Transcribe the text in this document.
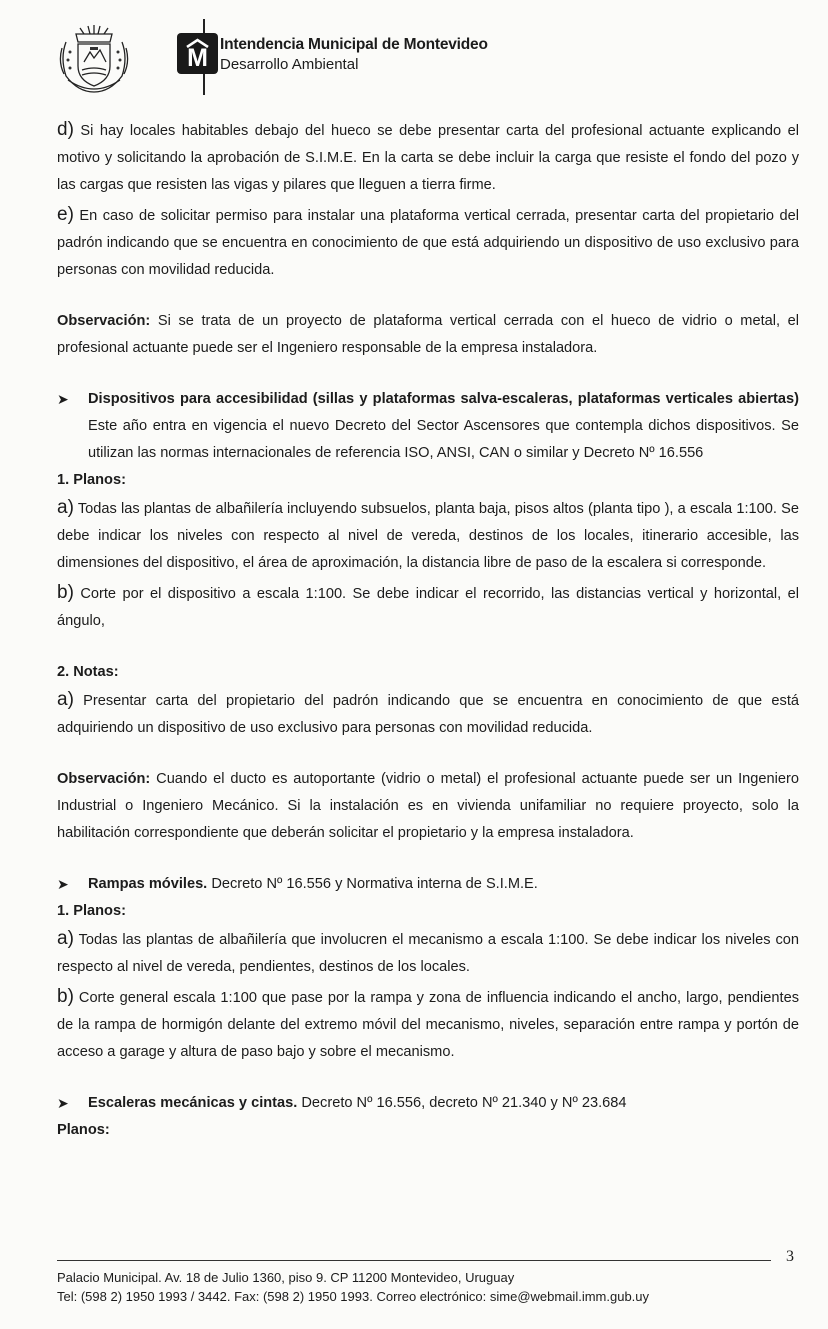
M Intendencia Municipal de Montevideo
Desarrollo Ambiental

d) Si hay locales habitables debajo del hueco se debe presentar carta del profesional actuante explicando el motivo y solicitando la aprobación de S.I.M.E. En la carta se debe incluir la carga que resiste el fondo del pozo y las cargas que resisten las vigas y pilares que lleguen a tierra firme.

e) En caso de solicitar permiso para instalar una plataforma vertical cerrada, presentar carta del propietario del padrón indicando que se encuentra en conocimiento de que está adquiriendo un dispositivo de uso exclusivo para personas con movilidad reducida.

Observación: Si se trata de un proyecto de plataforma vertical cerrada con el hueco de vidrio o metal, el profesional actuante puede ser el Ingeniero responsable de la empresa instaladora.

➤ Dispositivos para accesibilidad (sillas y plataformas salva-escaleras, plataformas verticales abiertas) Este año entra en vigencia el nuevo Decreto del Sector Ascensores que contempla dichos dispositivos. Se utilizan las normas internacionales de referencia ISO, ANSI, CAN o similar y Decreto Nº 16.556
1. Planos:

a) Todas las plantas de albañilería incluyendo subsuelos, planta baja, pisos altos (planta tipo ), a escala 1:100. Se debe indicar los niveles con respecto al nivel de vereda, destinos de los locales, itinerario accesible, las dimensiones del dispositivo, el área de aproximación, la distancia libre de paso de la escalera si corresponde.

b) Corte por el dispositivo a escala 1:100. Se debe indicar el recorrido, las distancias vertical y horizontal, el ángulo,

2. Notas:

a) Presentar carta del propietario del padrón indicando que se encuentra en conocimiento de que está adquiriendo un dispositivo de uso exclusivo para personas con movilidad reducida.

Observación: Cuando el ducto es autoportante (vidrio o metal) el profesional actuante puede ser un Ingeniero Industrial o Ingeniero Mecánico. Si la instalación es en vivienda unifamiliar no requiere proyecto, solo la habilitación correspondiente que deberán solicitar el propietario y la empresa instaladora.

➤ Rampas móviles. Decreto Nº 16.556 y Normativa interna de S.I.M.E.
1. Planos:

a) Todas las plantas de albañilería que involucren el mecanismo a escala 1:100. Se debe indicar los niveles con respecto al nivel de vereda, pendientes, destinos de los locales.

b) Corte general escala 1:100 que pase por la rampa y zona de influencia indicando el ancho, largo, pendientes de la rampa de hormigón delante del extremo móvil del mecanismo, niveles, separación entre rampa y portón de acceso a garage y altura de paso bajo y sobre el mecanismo.

➤ Escaleras mecánicas y cintas. Decreto Nº 16.556, decreto Nº 21.340 y Nº 23.684
Planos:
3
Palacio Municipal. Av. 18 de Julio 1360, piso 9. CP 11200 Montevideo, Uruguay
Tel: (598 2) 1950 1993 / 3442. Fax: (598 2) 1950 1993. Correo electrónico: sime@webmail.imm.gub.uy
